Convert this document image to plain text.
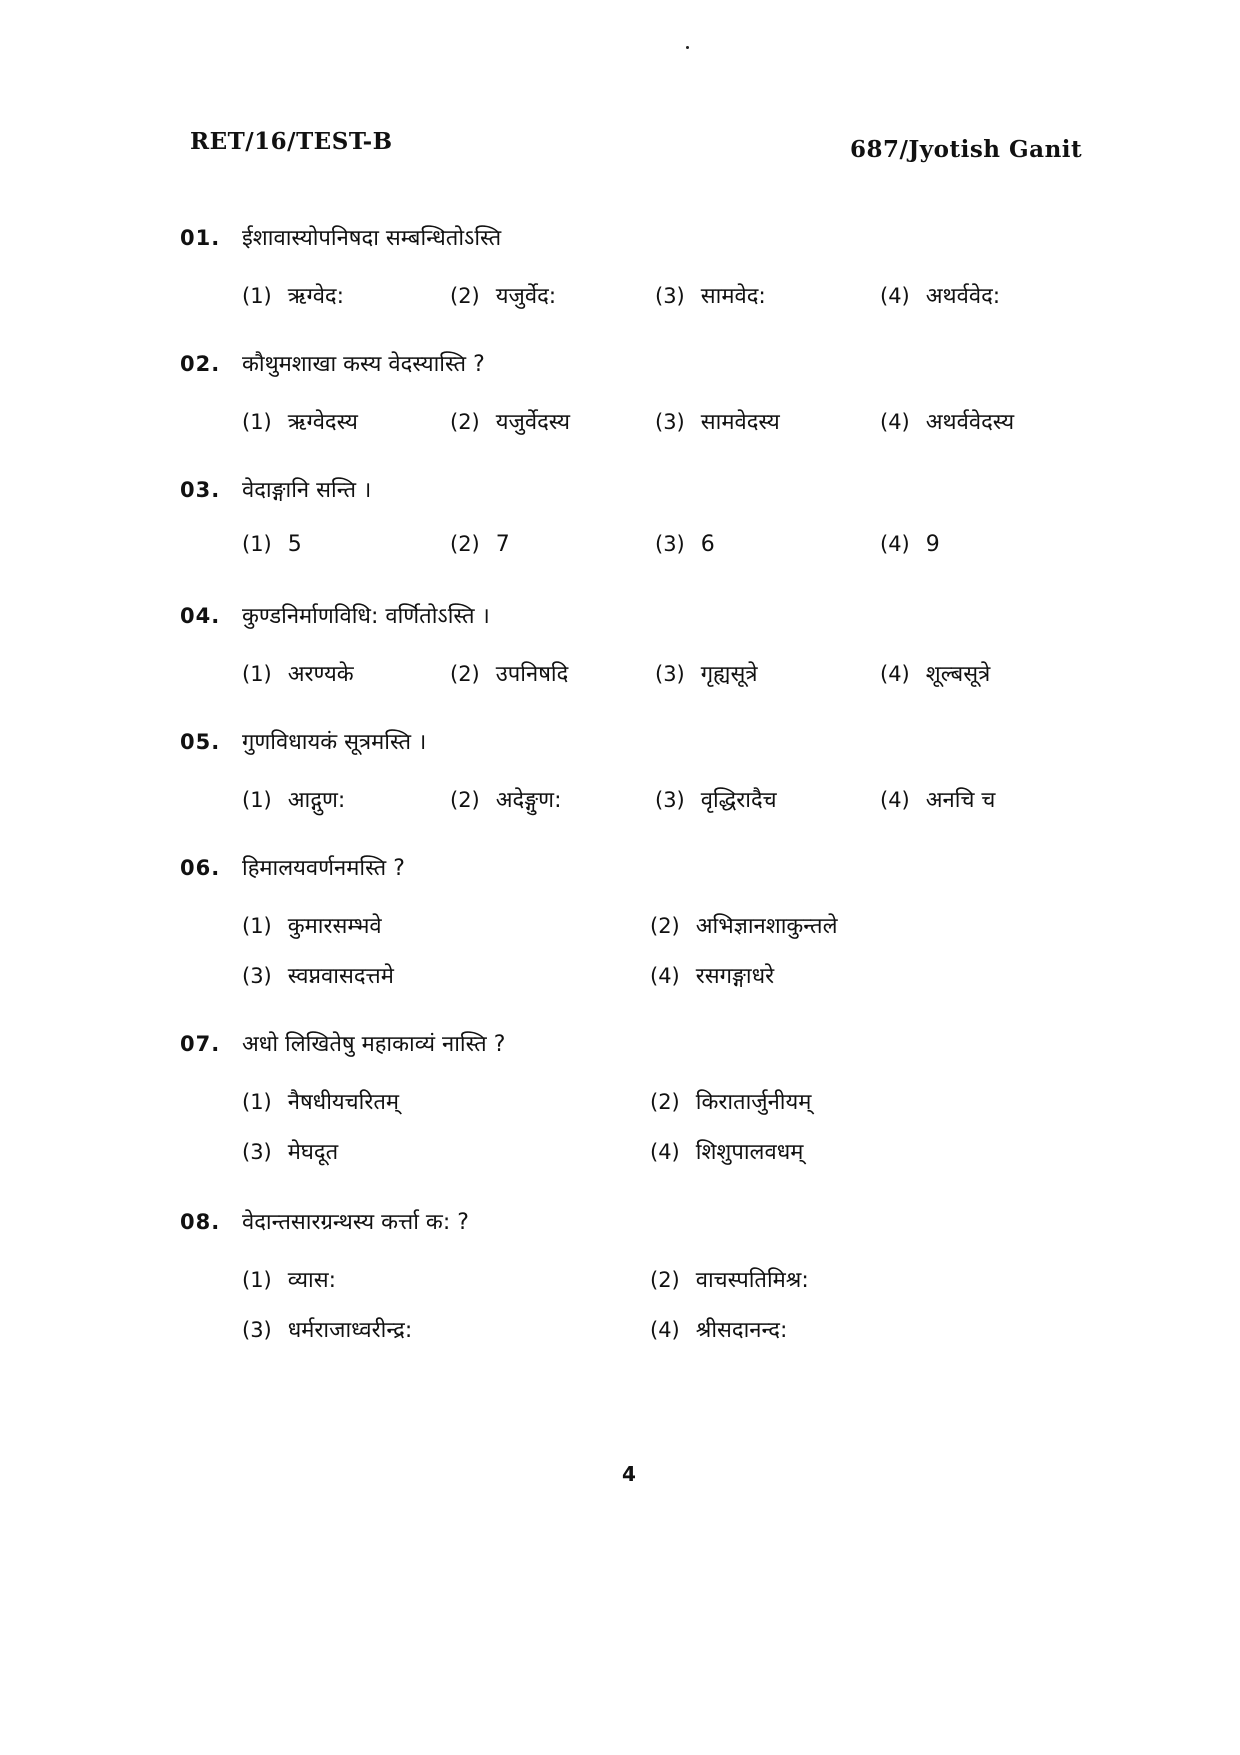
RET/16/TEST-B	687/Jyotish Ganit
01. ईशावास्योपनिषदा सम्बन्धितोऽस्ति
(1) ऋग्वेद:	(2) यजुर्वेद:	(3) सामवेद:	(4) अथर्ववेद:
02. कौथुमशाखा कस्य वेदस्यास्ति ?
(1) ऋग्वेदस्य	(2) यजुर्वेदस्य	(3) सामवेदस्य	(4) अथर्ववेदस्य
03. वेदाङ्गानि सन्ति ।
(1) 5	(2) 7	(3) 6	(4) 9
04. कुण्डनिर्माणविधि: वर्णितोऽस्ति ।
(1) अरण्यके	(2) उपनिषदि	(3) गृह्यसूत्रे	(4) शूल्बसूत्रे
05. गुणविधायकं सूत्रमस्ति ।
(1) आद्गुण:	(2) अदेङ्गुण:	(3) वृद्धिरादैच	(4) अनचि च
06. हिमालयवर्णनमस्ति ?
(1) कुमारसम्भवे	(2) अभिज्ञानशाकुन्तले
(3) स्वप्नवासदत्तमे	(4) रसगङ्गाधरे
07. अधो लिखितेषु महाकाव्यं नास्ति ?
(1) नैषधीयचरितम्	(2) किरातार्जुनीयम्
(3) मेघदूत	(4) शिशुपालवधम्
08. वेदान्तसारग्रन्थस्य कर्त्ता क: ?
(1) व्यास:	(2) वाचस्पतिमिश्र:
(3) धर्मराजाध्वरीन्द्र:	(4) श्रीसदानन्द:
4
